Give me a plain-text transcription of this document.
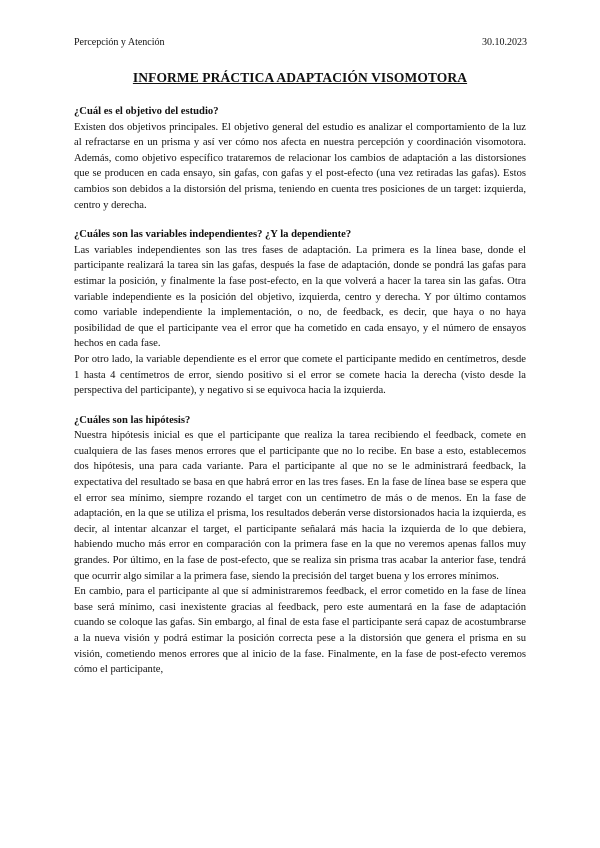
Percepción y Atención	30.10.2023
INFORME PRÁCTICA ADAPTACIÓN VISOMOTORA

¿Cuál es el objetivo del estudio?

Existen dos objetivos principales. El objetivo general del estudio es analizar el comportamiento de la luz al refractarse en un prisma y así ver cómo nos afecta en nuestra percepción y coordinación visomotora. Además, como objetivo específico trataremos de relacionar los cambios de adaptación a las distorsiones que se producen en cada ensayo, sin gafas, con gafas y el post-efecto (una vez retiradas las gafas). Estos cambios son debidos a la distorsión del prisma, teniendo en cuenta tres posiciones de un target: izquierda, centro y derecha.

¿Cuáles son las variables independientes? ¿Y la dependiente?

Las variables independientes son las tres fases de adaptación. La primera es la línea base, donde el participante realizará la tarea sin las gafas, después la fase de adaptación, donde se pondrá las gafas para estimar la posición, y finalmente la fase post-efecto, en la que volverá a hacer la tarea sin las gafas. Otra variable independiente es la posición del objetivo, izquierda, centro y derecha. Y por último contamos como variable independiente la implementación, o no, de feedback, es decir, que haya o no haya posibilidad de que el participante vea el error que ha cometido en cada ensayo, y el número de ensayos hechos en cada fase.

Por otro lado, la variable dependiente es el error que comete el participante medido en centímetros, desde 1 hasta 4 centímetros de error, siendo positivo si el error se comete hacia la derecha (visto desde la perspectiva del participante), y negativo si se equivoca hacia la izquierda.

¿Cuáles son las hipótesis?

Nuestra hipótesis inicial es que el participante que realiza la tarea recibiendo el feedback, comete en cualquiera de las fases menos errores que el participante que no lo recibe. En base a esto, establecemos dos hipótesis, una para cada variante. Para el participante al que no se le administrará feedback, la expectativa del resultado se basa en que habrá error en las tres fases. En la fase de línea base se espera que el error sea mínimo, siempre rozando el target con un centímetro de más o de menos. En la fase de adaptación, en la que se utiliza el prisma, los resultados deberán verse distorsionados hacia la izquierda, es decir, al intentar alcanzar el target, el participante señalará más hacia la izquierda de lo que debiera, habiendo mucho más error en comparación con la primera fase en la que no veremos apenas fallos muy grandes. Por último, en la fase de post-efecto, que se realiza sin prisma tras acabar la anterior fase, tendrá que ocurrir algo similar a la primera fase, siendo la precisión del target buena y los errores mínimos.

En cambio, para el participante al que sí administraremos feedback, el error cometido en la fase de línea base será mínimo, casi inexistente gracias al feedback, pero este aumentará en la fase de adaptación cuando se coloque las gafas. Sin embargo, al final de esta fase el participante será capaz de acostumbrarse a la nueva visión y podrá estimar la posición correcta pese a la distorsión que genera el prisma en su visión, cometiendo menos errores que al inicio de la fase. Finalmente, en la fase de post-efecto veremos cómo el participante,
